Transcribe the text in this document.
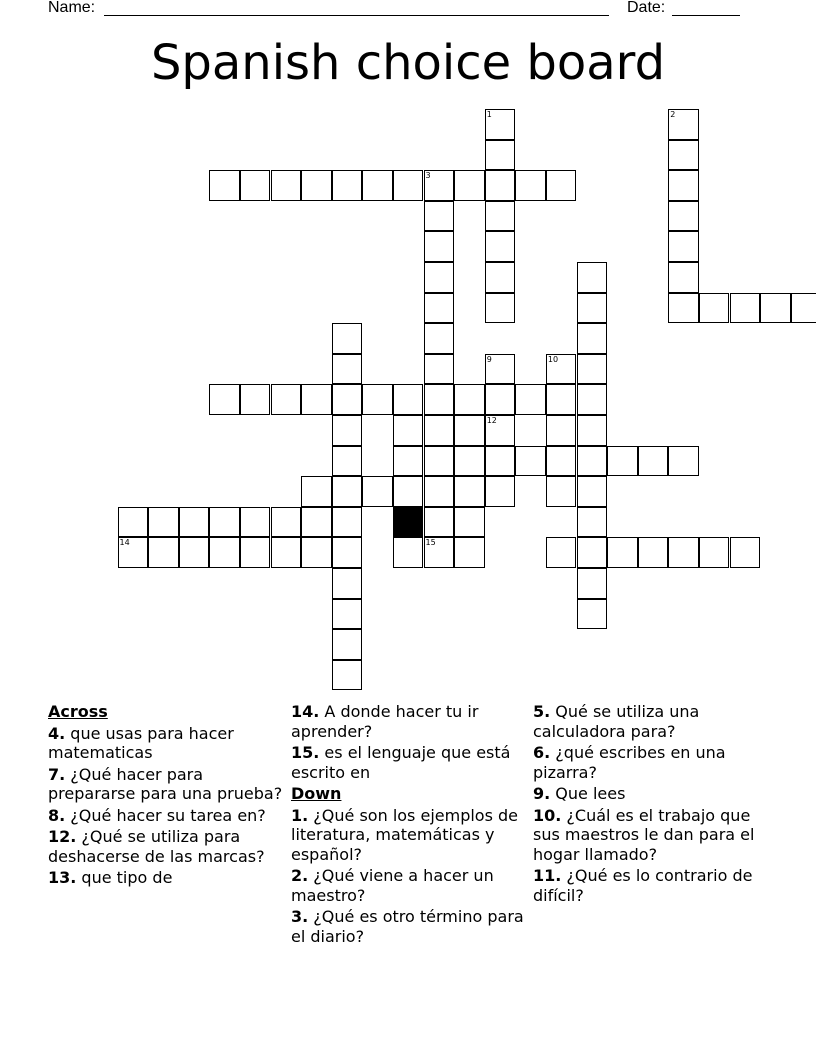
Name:	Date:
Spanish choice board
15
1	2
3
9
12
10
14
Across
4. que usas para hacer matematicas
7. ¿Qué hacer para prepararse para una prueba?
8. ¿Qué hacer su tarea en?
12. ¿Qué se utiliza para deshacerse de las marcas?
13. que tipo de
14. A donde hacer tu ir aprender?
15. es el lenguaje que está escrito en
Down
1. ¿Qué son los ejemplos de literatura, matemáticas y español?
2. ¿Qué viene a hacer un maestro?
3. ¿Qué es otro término para el diario?
5. Qué se utiliza una calculadora para?
6. ¿qué escribes en una pizarra?
9. Que lees
10. ¿Cuál es el trabajo que sus maestros le dan para el hogar llamado?
11. ¿Qué es lo contrario de difícil?
